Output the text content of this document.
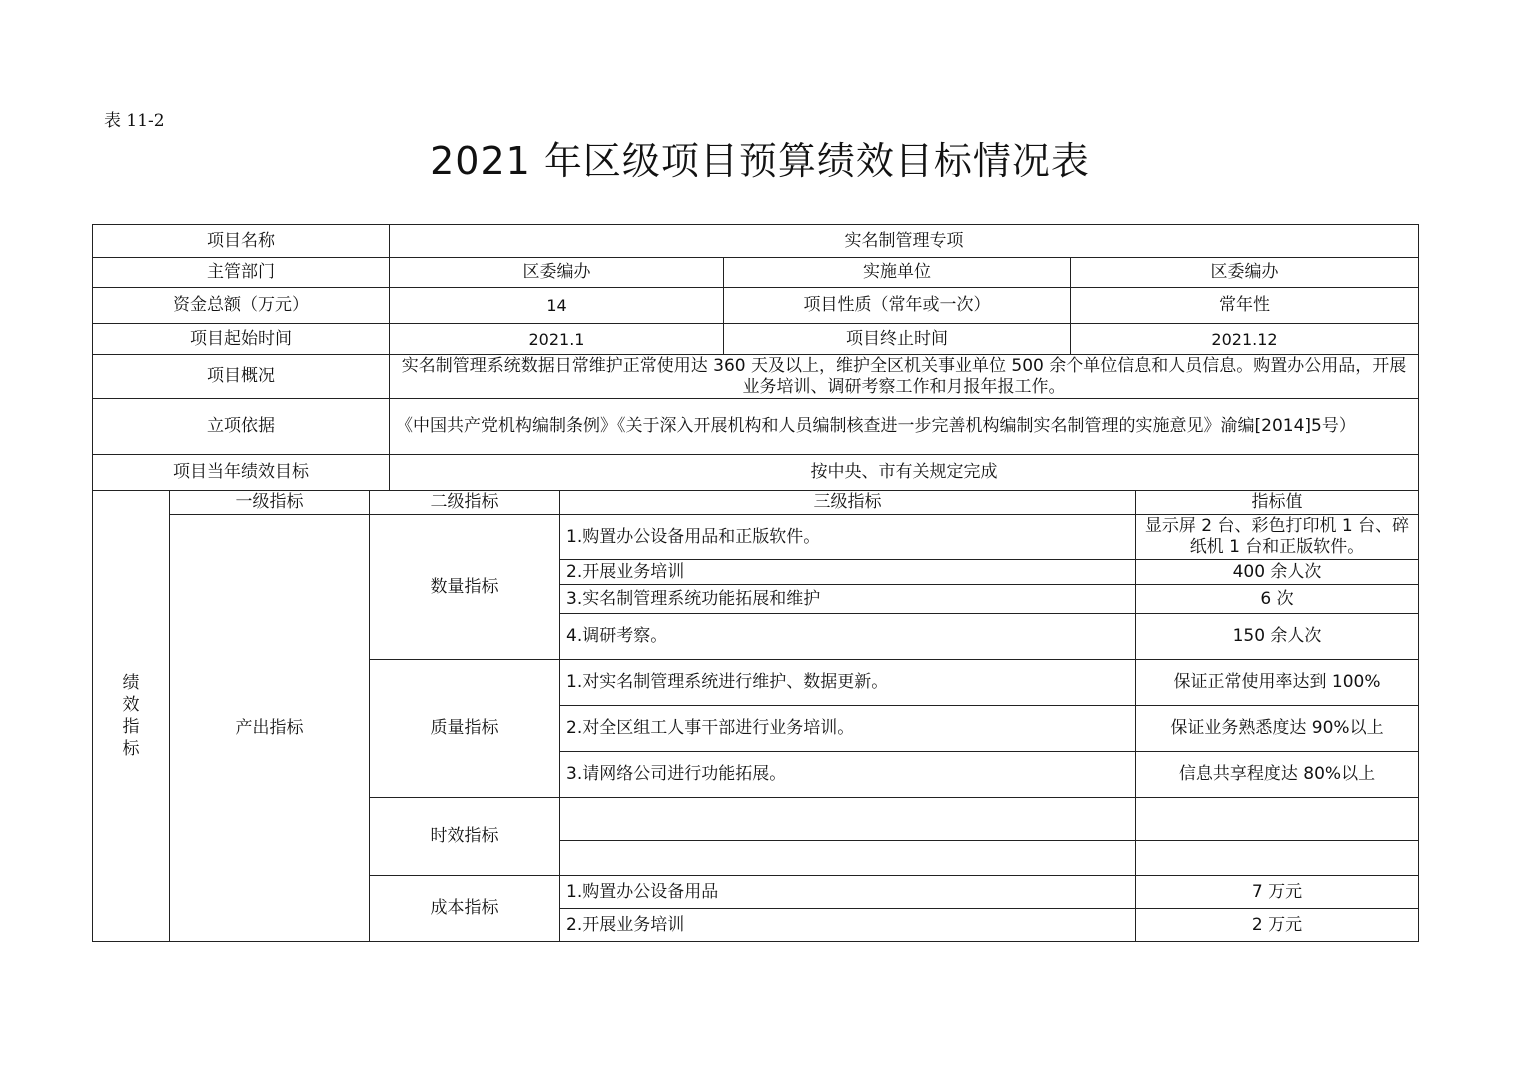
表 11-2
2021 年区级项目预算绩效目标情况表
项目名称	实名制管理专项		
主管部门	区委编办	实施单位	区委编办
资金总额（万元）	14	项目性质（常年或一次）	常年性
项目起始时间	2021.1	项目终止时间	2021.12
项目概况	实名制管理系统数据日常维护正常使用达 360 天及以上，维护全区机关事业单位 500 余个单位信息和人员信息。购置办公用品，开展业务培训、调研考察工作和月报年报工作。		
立项依据	《中国共产党机构编制条例》《关于深入开展机构和人员编制核查进一步完善机构编制实名制管理的实施意见》渝编[2014]5号）		
项目当年绩效目标	按中央、市有关规定完成		
绩效指标	一级指标	二级指标	三级指标	指标值
	产出指标	数量指标	1.购置办公设备用品和正版软件。	显示屏 2 台、彩色打印机 1 台、碎纸机 1 台和正版软件。
			2.开展业务培训	400 余人次
			3.实名制管理系统功能拓展和维护	6 次
			4.调研考察。	150 余人次
		质量指标	1.对实名制管理系统进行维护、数据更新。	保证正常使用率达到 100%
			2.对全区组工人事干部进行业务培训。	保证业务熟悉度达 90%以上
			3.请网络公司进行功能拓展。	信息共享程度达 80%以上
		时效指标		

		成本指标	1.购置办公设备用品	7 万元
			2.开展业务培训	2 万元
